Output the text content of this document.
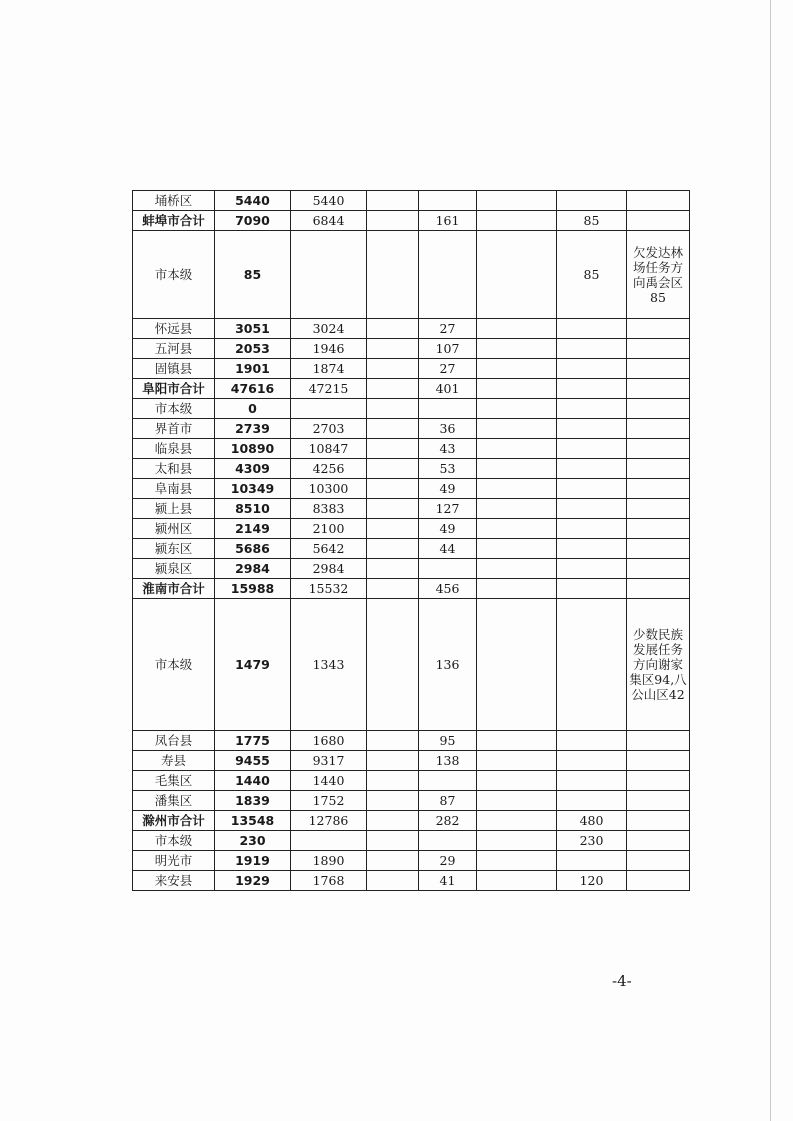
埇桥区	5440	5440					
蚌埠市合计	7090	6844		161		85	
市本级	85					85	欠发达林场任务方向禹会区85
怀远县	3051	3024		27			
五河县	2053	1946		107			
固镇县	1901	1874		27			
阜阳市合计	47616	47215		401			
市本级	0						
界首市	2739	2703		36			
临泉县	10890	10847		43			
太和县	4309	4256		53			
阜南县	10349	10300		49			
颍上县	8510	8383		127			
颍州区	2149	2100		49			
颍东区	5686	5642		44			
颍泉区	2984	2984					
淮南市合计	15988	15532		456			
市本级	1479	1343		136			少数民族发展任务方向谢家集区94,八公山区42
凤台县	1775	1680		95			
寿县	9455	9317		138			
毛集区	1440	1440					
潘集区	1839	1752		87			
滁州市合计	13548	12786		282		480	
市本级	230					230	
明光市	1919	1890		29			
来安县	1929	1768		41		120	
-4-
